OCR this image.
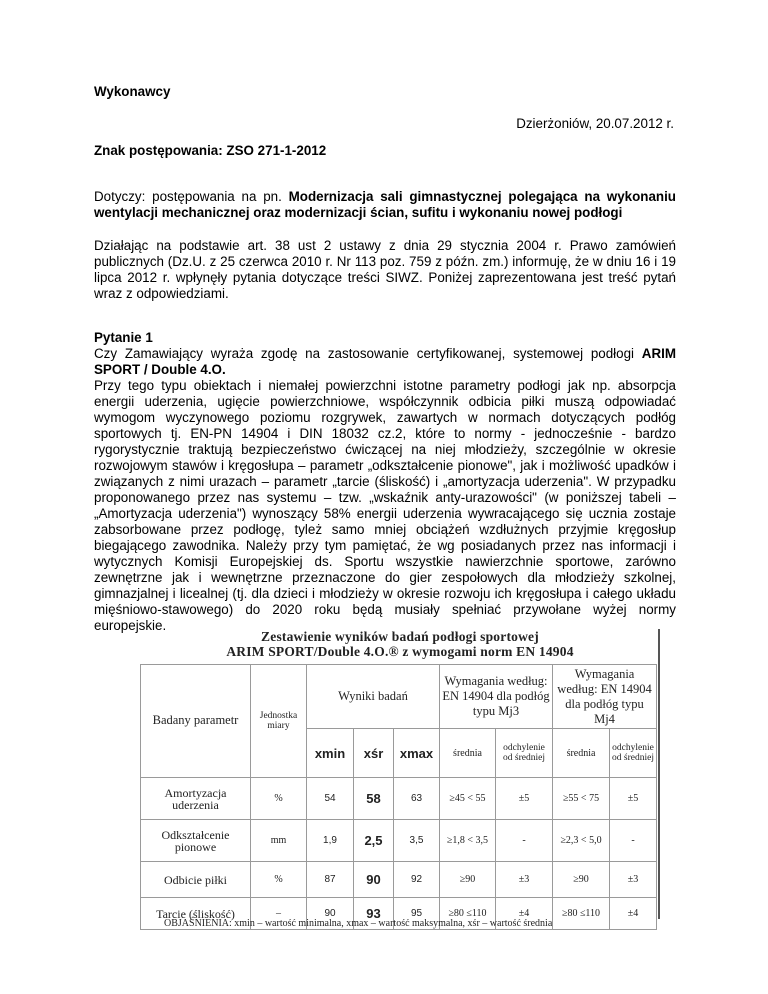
Wykonawcy
Dzierżoniów, 20.07.2012 r.
Znak postępowania: ZSO 271-1-2012
Dotyczy: postępowania na pn. Modernizacja sali gimnastycznej polegająca na wykonaniu wentylacji mechanicznej oraz modernizacji ścian, sufitu i wykonaniu nowej podłogi

Działając na podstawie art. 38 ust 2 ustawy z dnia 29 stycznia 2004 r. Prawo zamówień publicznych (Dz.U. z 25 czerwca 2010 r. Nr 113 poz. 759 z późn. zm.) informuję, że w dniu 16 i 19 lipca 2012 r. wpłynęły pytania dotyczące treści SIWZ. Poniżej zaprezentowana jest treść pytań wraz z odpowiedziami.

Pytanie 1
Czy Zamawiający wyraża zgodę na zastosowanie certyfikowanej, systemowej podłogi ARIM SPORT / Double 4.O.
Przy tego typu obiektach i niemałej powierzchni istotne parametry podłogi jak np. absorpcja energii uderzenia, ugięcie powierzchniowe, współczynnik odbicia piłki muszą odpowiadać wymogom wyczynowego poziomu rozgrywek, zawartych w normach dotyczących podłóg sportowych tj. EN-PN 14904 i DIN 18032 cz.2, które to normy - jednocześnie - bardzo rygorystycznie traktują bezpieczeństwo ćwiczącej na niej młodzieży, szczególnie w okresie rozwojowym stawów i kręgosłupa – parametr „odkształcenie pionowe", jak i możliwość upadków i związanych z nimi urazach – parametr „tarcie (śliskość) i „amortyzacja uderzenia". W przypadku proponowanego przez nas systemu – tzw. „wskaźnik anty-urazowości" (w poniższej tabeli – „Amortyzacja uderzenia") wynoszący 58% energii uderzenia wywracającego się ucznia zostaje zabsorbowane przez podłogę, tyleż samo mniej obciążeń wzdłużnych przyjmie kręgosłup biegającego zawodnika. Należy przy tym pamiętać, że wg posiadanych przez nas informacji i wytycznych Komisji Europejskiej ds. Sportu wszystkie nawierzchnie sportowe, zarówno zewnętrzne jak i wewnętrzne przeznaczone do gier zespołowych dla młodzieży szkolnej, gimnazjalnej i licealnej (tj. dla dzieci i młodzieży w okresie rozwoju ich kręgosłupa i całego układu mięśniowo-stawowego) do 2020 roku będą musiały spełniać przywołane wyżej normy europejskie.
Zestawienie wyników badań podłogi sportowej
ARIM SPORT/Double 4.O.® z wymogami norm EN 14904
Badany parametr	Jednostka miary	Wyniki badań			Wymagania według: EN 14904 dla podłóg typu Mj3		Wymagania według: EN 14904 dla podłóg typu Mj4	
		xmin	xśr	xmax	średnia	odchylenie od średniej	średnia	odchylenie od średniej
Amortyzacja uderzenia	%	54	58	63	≥45 < 55	±5	≥55 < 75	±5
Odkształcenie pionowe	mm	1,9	2,5	3,5	≥1,8 < 3,5	-	≥2,3 < 5,0	-
Odbicie piłki	%	87	90	92	≥90	±3	≥90	±3
Tarcie (śliskość)	–	90	93	95	≥80 ≤110	±4	≥80 ≤110	±4
OBJAŚNIENIA: xmin – wartość minimalna, xmax – wartość maksymalna, xśr – wartość średnia
